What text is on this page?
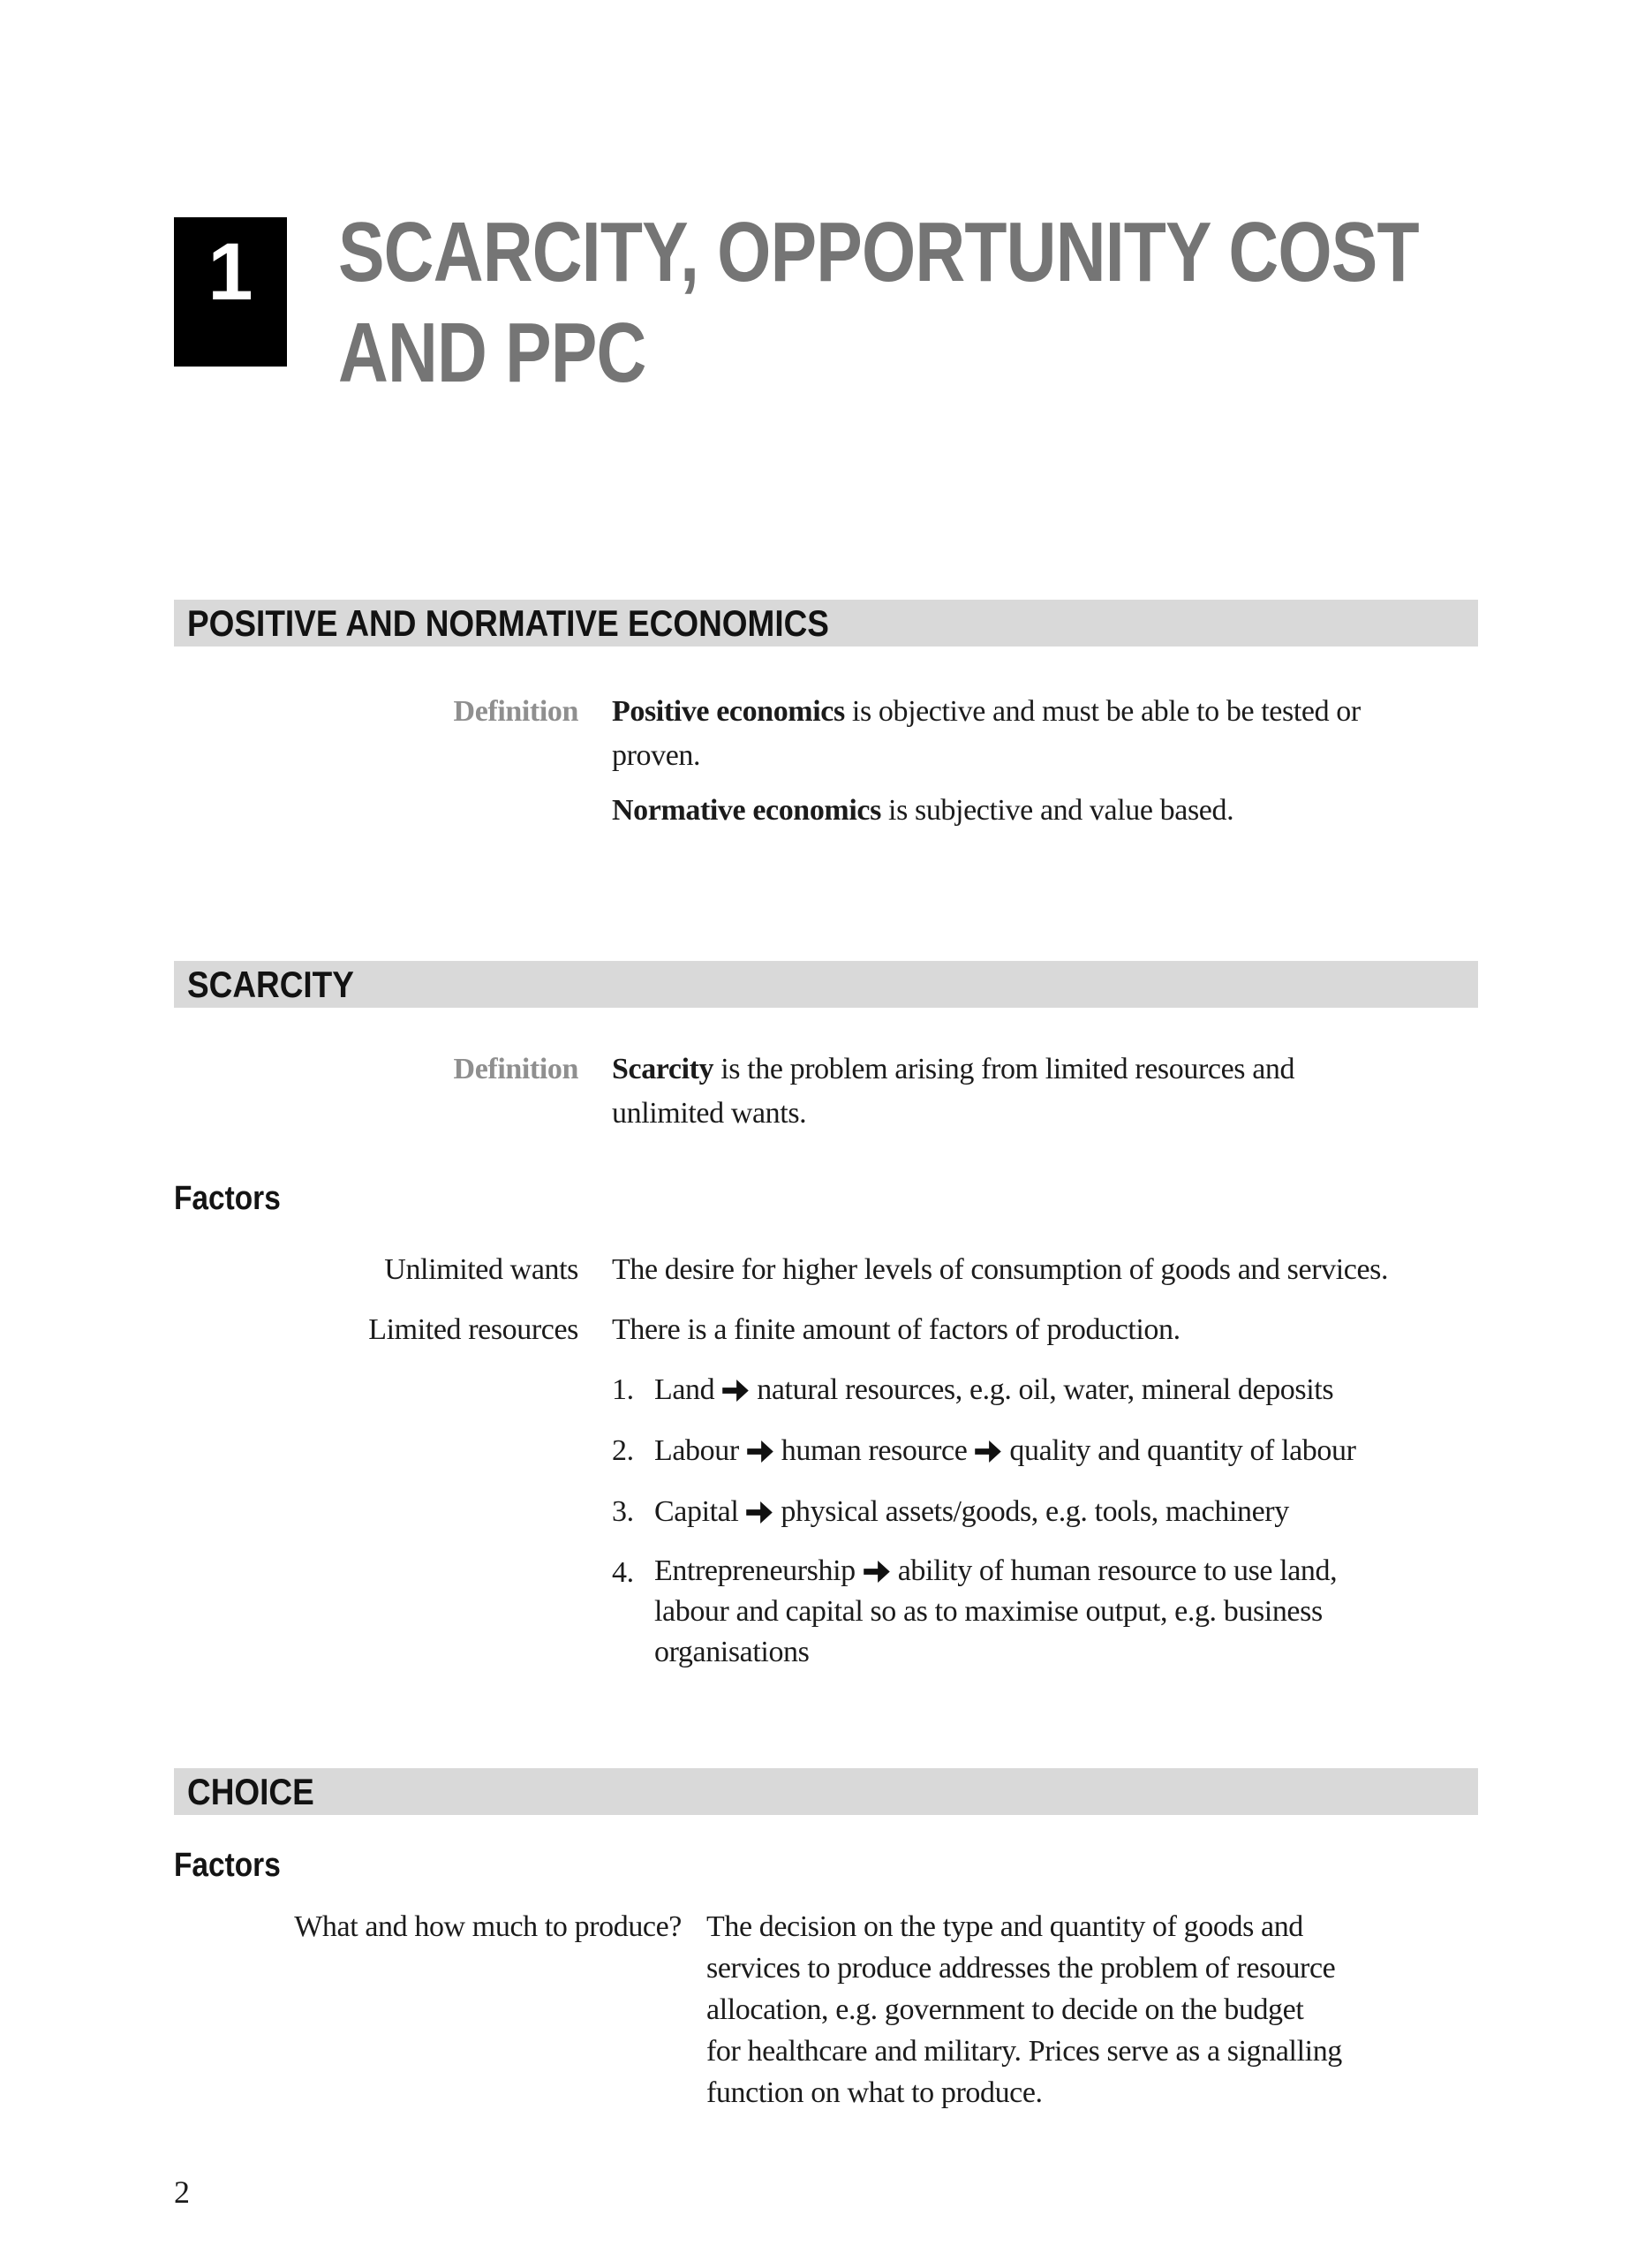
1	SCARCITY, OPPORTUNITY COST
AND PPC
POSITIVE AND NORMATIVE ECONOMICS
Definition Positive economics is objective and must be able to be tested or
proven.
Normative economics is subjective and value based.
SCARCITY
Definition Scarcity is the problem arising from limited resources and
unlimited wants.
Factors
Unlimited wants The desire for higher levels of consumption of goods and services.
Limited resources There is a finite amount of factors of production.
1. Land natural resources, e.g. oil, water, mineral deposits
2. Labour human resource quality and quantity of labour
3. Capital physical assets/goods, e.g. tools, machinery
4. Entrepreneurship ability of human resource to use land,
labour and capital so as to maximise output, e.g. business
organisations
CHOICE
Factors
What and how much to produce? The decision on the type and quantity of goods and
services to produce addresses the problem of resource
allocation, e.g. government to decide on the budget
for healthcare and military. Prices serve as a signalling
function on what to produce.
2
